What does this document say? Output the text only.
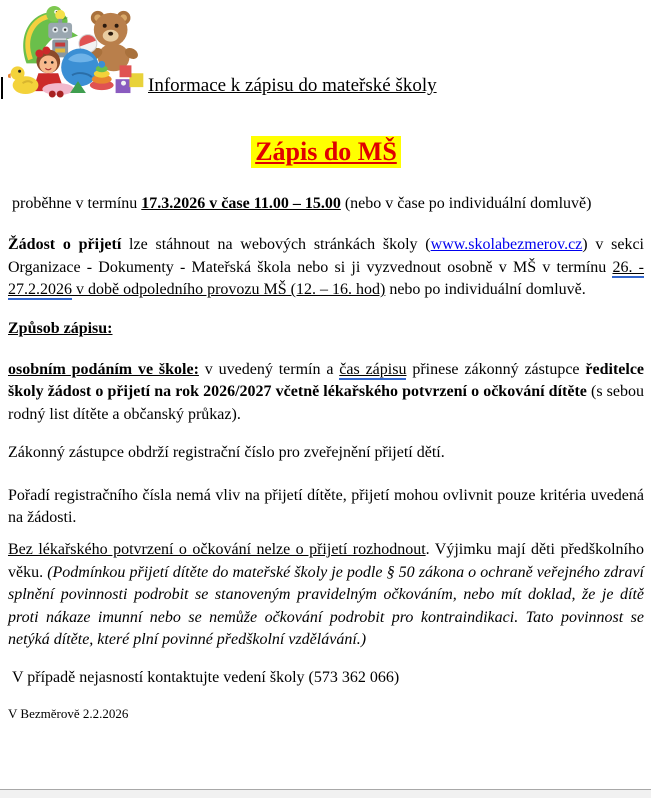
Informace k zápisu do mateřské školy
Zápis do MŠ

proběhne v termínu 17.3.2026 v čase 11.00 – 15.00 (nebo v čase po individuální domluvě)

Žádost o přijetí lze stáhnout na webových stránkách školy (www.skolabezmerov.cz) v sekci Organizace - Dokumenty - Mateřská škola nebo si ji vyzvednout osobně v MŠ v termínu 26. - 27.2.2026 v době odpoledního provozu MŠ (12. – 16. hod) nebo po individuální domluvě.

Způsob zápisu:

osobním podáním ve škole: v uvedený termín a čas zápisu přinese zákonný zástupce ředitelce školy žádost o přijetí na rok 2026/2027 včetně lékařského potvrzení o očkování dítěte (s sebou rodný list dítěte a občanský průkaz).

Zákonný zástupce obdrží registrační číslo pro zveřejnění přijetí dětí.

Pořadí registračního čísla nemá vliv na přijetí dítěte, přijetí mohou ovlivnit pouze kritéria uvedená na žádosti.

Bez lékařského potvrzení o očkování nelze o přijetí rozhodnout. Výjimku mají děti předškolního věku. (Podmínkou přijetí dítěte do mateřské školy je podle § 50 zákona o ochraně veřejného zdraví splnění povinnosti podrobit se stanoveným pravidelným očkováním, nebo mít doklad, že je dítě proti nákaze imunní nebo se nemůže očkování podrobit pro kontraindikaci. Tato povinnost se netýká dítěte, které plní povinné předškolní vzdělávání.)

V případě nejasností kontaktujte vedení školy (573 362 066)

V Bezměrově 2.2.2026
